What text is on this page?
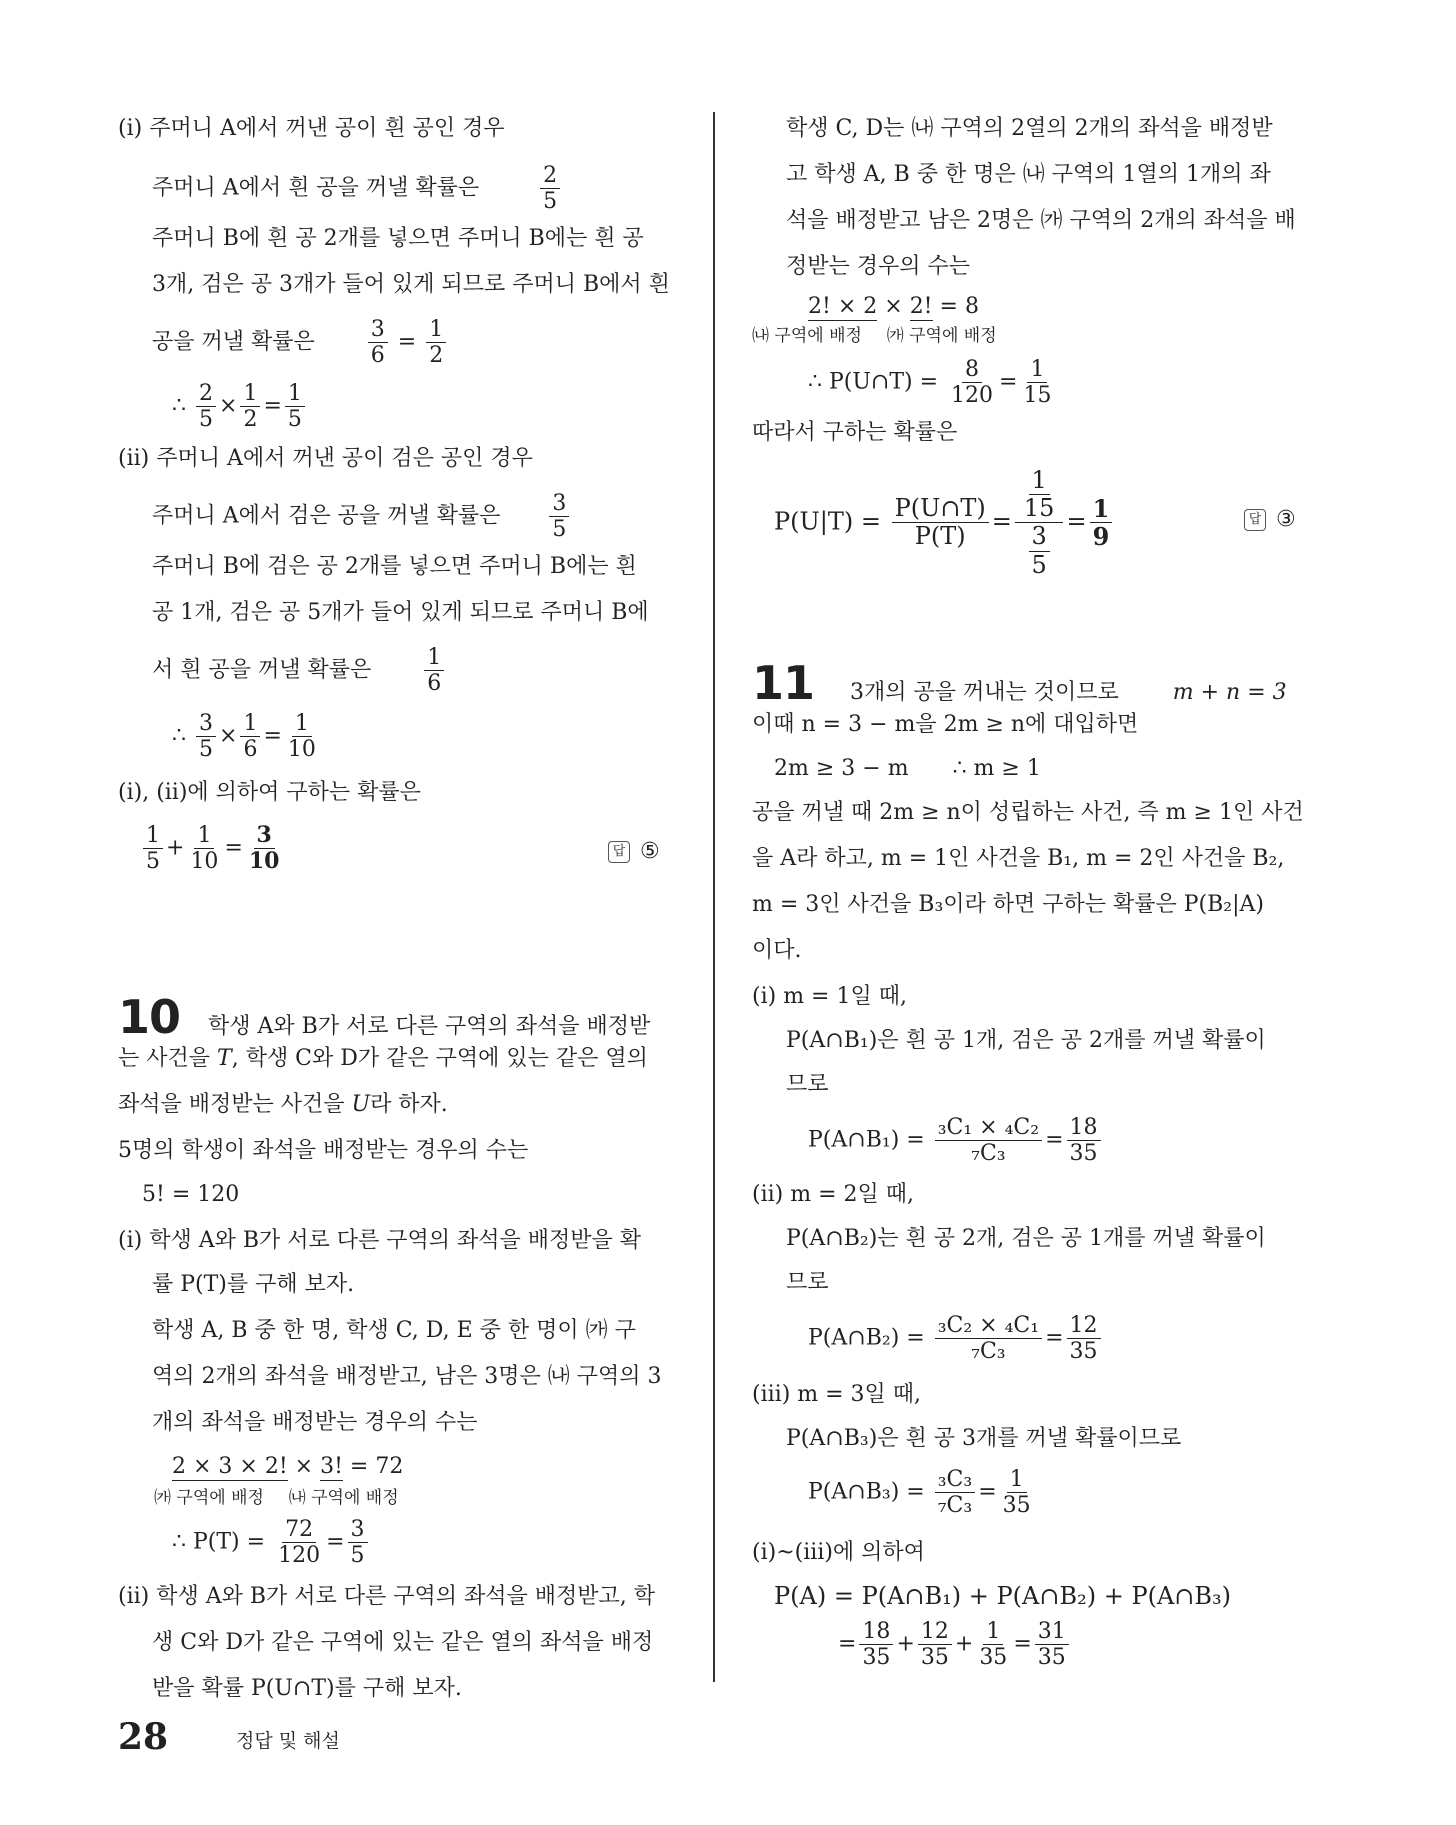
(ⅰ) 주머니 A에서 꺼낸 공이 흰 공인 경우
주머니 A에서 흰 공을 꺼낼 확률은	$\frac{2}{5}$
주머니 B에 흰 공 2개를 넣으면 주머니 B에는 흰 공
3개, 검은 공 3개가 들어 있게 되므로 주머니 B에서 흰
공을 꺼낼 확률은 $\frac{3}{6} = \frac{1}{2}$
∴ $\frac{2}{5} \times \frac{1}{2} = \frac{1}{5}$
(ⅱ) 주머니 A에서 꺼낸 공이 검은 공인 경우
주머니 A에서 검은 공을 꺼낼 확률은 $\frac{3}{5}$
주머니 B에 검은 공 2개를 넣으면 주머니 B에는 흰
공 1개, 검은 공 5개가 들어 있게 되므로 주머니 B에
서 흰 공을 꺼낼 확률은 $\frac{1}{6}$
∴ $\frac{3}{5} \times \frac{1}{6} = \frac{1}{10}$
(ⅰ), (ⅱ)에 의하여 구하는 확률은
$\frac{1}{5} + \frac{1}{10} = \frac{3}{10}$	답 ⑤
10 학생 A와 B가 서로 다른 구역의 좌석을 배정받
는 사건을 T, 학생 C와 D가 같은 구역에 있는 같은 열의
좌석을 배정받는 사건을 U라 하자.
5명의 학생이 좌석을 배정받는 경우의 수는
5! = 120
(ⅰ) 학생 A와 B가 서로 다른 구역의 좌석을 배정받을 확
률 P(T)를 구해 보자.
학생 A, B 중 한 명, 학생 C, D, E 중 한 명이 ㈎ 구
역의 2개의 좌석을 배정받고, 남은 3명은 ㈏ 구역의 3
개의 좌석을 배정받는 경우의 수는
2 × 3 × 2! × 3! = 72
㈎ 구역에 배정 ㈏ 구역에 배정
∴ $P(T) = \frac{72}{120} = \frac{3}{5}$
(ⅱ) 학생 A와 B가 서로 다른 구역의 좌석을 배정받고, 학
생 C와 D가 같은 구역에 있는 같은 열의 좌석을 배정
받을 확률 P(U∩T)를 구해 보자.
학생 C, D는 ㈏ 구역의 2열의 2개의 좌석을 배정받
고 학생 A, B 중 한 명은 ㈏ 구역의 1열의 1개의 좌
석을 배정받고 남은 2명은 ㈎ 구역의 2개의 좌석을 배
정받는 경우의 수는
2! × 2 × 2! = 8
㈏ 구역에 배정 ㈎ 구역에 배정
∴ P(U∩T) = $\frac{8}{120} = \frac{1}{15}$
따라서 구하는 확률은
$P(U|T) = \frac{P(U\cap T)}{P(T)} = \frac{\frac{1}{15}}{\frac{3}{5}} = \frac{1}{9}$	답 ③
11 3개의 공을 꺼내는 것이므로 m + n = 3
이때 n = 3 − m을 2m ≥ n에 대입하면
2m ≥ 3 − m ∴ m ≥ 1
공을 꺼낼 때 2m ≥ n이 성립하는 사건, 즉 m ≥ 1인 사건
을 A라 하고, m = 1인 사건을 B₁, m = 2인 사건을 B₂,
m = 3인 사건을 B₃이라 하면 구하는 확률은 P(B₂|A)
이다.
(ⅰ) m = 1일 때,
P(A∩B₁)은 흰 공 1개, 검은 공 2개를 꺼낼 확률이
므로
P(A∩B₁) = $\frac{\text{₃C₁ × ₄C₂}}{\text{₇C₃}} = \frac{18}{35}$
(ⅱ) m = 2일 때,
P(A∩B₂)는 흰 공 2개, 검은 공 1개를 꺼낼 확률이
므로
P(A∩B₂) = $\frac{\text{₃C₂ × ₄C₁}}{\text{₇C₃}} = \frac{12}{35}$
(ⅲ) m = 3일 때,
P(A∩B₃)은 흰 공 3개를 꺼낼 확률이므로
P(A∩B₃) = $\frac{\text{₃C₃}}{\text{₇C₃}} = \frac{1}{35}$
(ⅰ)~(ⅲ)에 의하여
P(A) = P(A∩B₁) + P(A∩B₂) + P(A∩B₃)
= $\frac{18}{35} + \frac{12}{35} + \frac{1}{35} = \frac{31}{35}$
28	정답 및 해설
